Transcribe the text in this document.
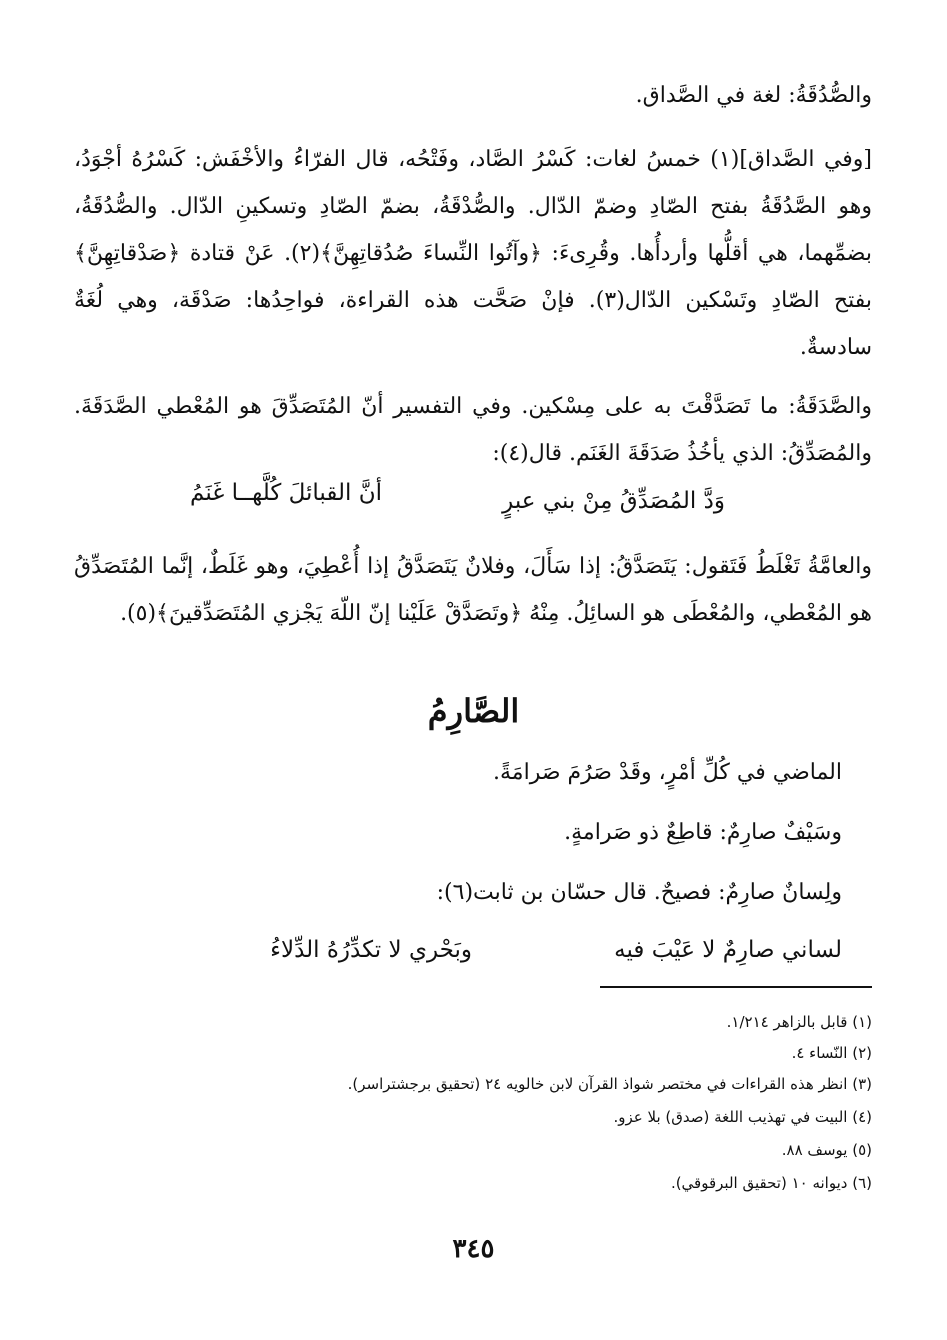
والصُّدُقَةُ: لغة في الصَّداق.

[وفي الصَّداق](١) خمسُ لغات: كَسْرُ الصَّاد، وفَتْحُه، قال الفرّاءُ والأخْفَش: كَسْرُهُ أجْوَدُ، وهو الصَّدُقَةُ بفتح الصّادِ وضمّ الدّال. والصُّدْقَةُ، بضمّ الصّادِ وتسكينِ الدّال. والصُّدُقَةُ، بضمِّهما، هي أقلُّها وأردأُها. وقُرِىءَ: ﴿وآتُوا النِّساءَ صُدُقاتِهِنَّ﴾(٢). عَنْ قتادة ﴿صَدْقاتِهِنَّ﴾ بفتح الصّادِ وتَسْكين الدّال(٣). فإنْ صَحَّت هذه القراءة، فواحِدُها: صَدْقَة، وهي لُغَةٌ سادسةٌ.

والصَّدَقَةُ: ما تَصَدَّقْتَ به على مِسْكين. وفي التفسير أنّ المُتَصَدِّقَ هو المُعْطي الصَّدَقَةَ. والمُصَدِّقُ: الذي يأخُذُ صَدَقَةَ الغَنَم. قال(٤):

وَدَّ المُصَدِّقُ مِنْ بني عبرٍ
أنَّ القبائلَ كُلَّهــا غَنَمُ

والعامَّةُ تَغْلَطُ فَتَقول: يَتَصَدَّقُ: إذا سَأَلَ، وفلانٌ يَتَصَدَّقُ إذا أُعْطِيَ، وهو غَلَطٌ، إنَّما المُتَصَدِّقُ هو المُعْطي، والمُعْطَى هو السائِلُ. مِنْهُ ﴿وتَصَدَّقْ عَلَيْنا إنّ اللّهَ يَجْزي المُتَصَدِّقينَ﴾(٥).

الصَّارِمُ
الماضي في كُلِّ أمْرٍ، وقَدْ صَرُمَ صَرامَةً.
وسَيْفٌ صارِمٌ: قاطِعٌ ذو صَرامةٍ.
ولِسانٌ صارِمٌ: فصيحٌ. قال حسّان بن ثابت(٦):
لساني صارِمٌ لا عَيْبَ فيه
وبَحْري لا تكدِّرُهُ الدِّلاءُ
(١) قابل بالزاهر ١/٢١٤.
(٢) النّساء ٤.
(٣) انظر هذه القراءات في مختصر شواذ القرآن لابن خالويه ٢٤ (تحقيق برجشتراسر).
(٤) البيت في تهذيب اللغة (صدق) بلا عزو.
(٥) يوسف ٨٨.
(٦) ديوانه ١٠ (تحقيق البرقوقي).
٣٤٥
